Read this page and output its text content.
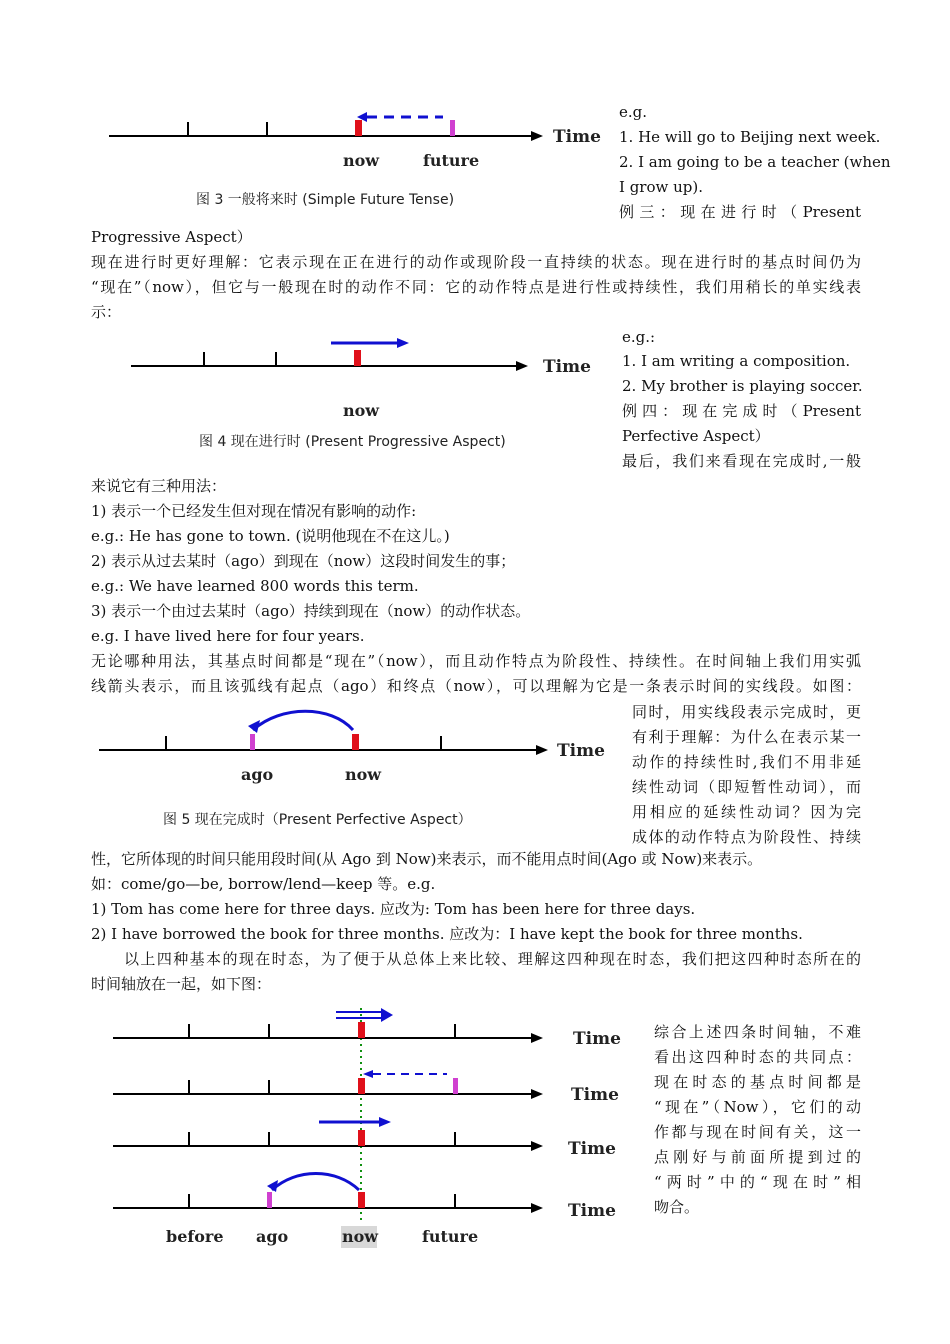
Time
now	future
图 3 一般将来时 (Simple Future Tense)
e.g.
1. He will go to Beijing next week.
2. I am going to be a teacher (when
I grow up).
例 三 ： 现 在 进 行 时 （ Present
Progressive Aspect）
现在进行时更好理解：它表示现在正在进行的动作或现阶段一直持续的状态。现在进行时的基点时间仍为
“现在”（now），但它与一般现在时的动作不同：它的动作特点是进行性或持续性，我们用稍长的单实线表
示：
Time
now
图 4 现在进行时 (Present Progressive Aspect)
e.g.:
1. I am writing a composition.
2. My brother is playing soccer.
例 四 ： 现 在 完 成 时 （ Present
Perfective Aspect）
最后，我们来看现在完成时,一般
来说它有三种用法：
1) 表示一个已经发生但对现在情况有影响的动作:
e.g.: He has gone to town. (说明他现在不在这儿。)
2) 表示从过去某时（ago）到现在（now）这段时间发生的事；
e.g.: We have learned 800 words this term.
3) 表示一个由过去某时（ago）持续到现在（now）的动作状态。
e.g. I have lived here for four years.
无论哪种用法，其基点时间都是“现在”（now），而且动作特点为阶段性、持续性。在时间轴上我们用实弧
线箭头表示，而且该弧线有起点（ago）和终点（now），可以理解为它是一条表示时间的实线段。如图：
Time
ago	now
图 5 现在完成时（Present Perfective Aspect）
同时，用实线段表示完成时，更
有利于理解：为什么在表示某一
动作的持续性时,我们不用非延
续性动词（即短暂性动词），而
用相应的延续性动词？因为完
成体的动作特点为阶段性、持续
性，它所体现的时间只能用段时间(从 Ago 到 Now)来表示，而不能用点时间(Ago 或 Now)来表示。
如：come/go—be, borrow/lend—keep 等。e.g.
1) Tom has come here for three days. 应改为: Tom has been here for three days.
2) I have borrowed the book for three months. 应改为：I have kept the book for three months.
以上四种基本的现在时态，为了便于从总体上来比较、理解这四种现在时态，我们把这四种时态所在的
时间轴放在一起，如下图：
Time
Time
Time
Time
before ago	now	future
综合上述四条时间轴，不难
看出这四种时态的共同点：
现在时态的基点时间都是
“现在”（Now），它们的动
作都与现在时间有关，这一
点刚好与前面所提到过的
“两时”中的“现在时”相
吻合。
